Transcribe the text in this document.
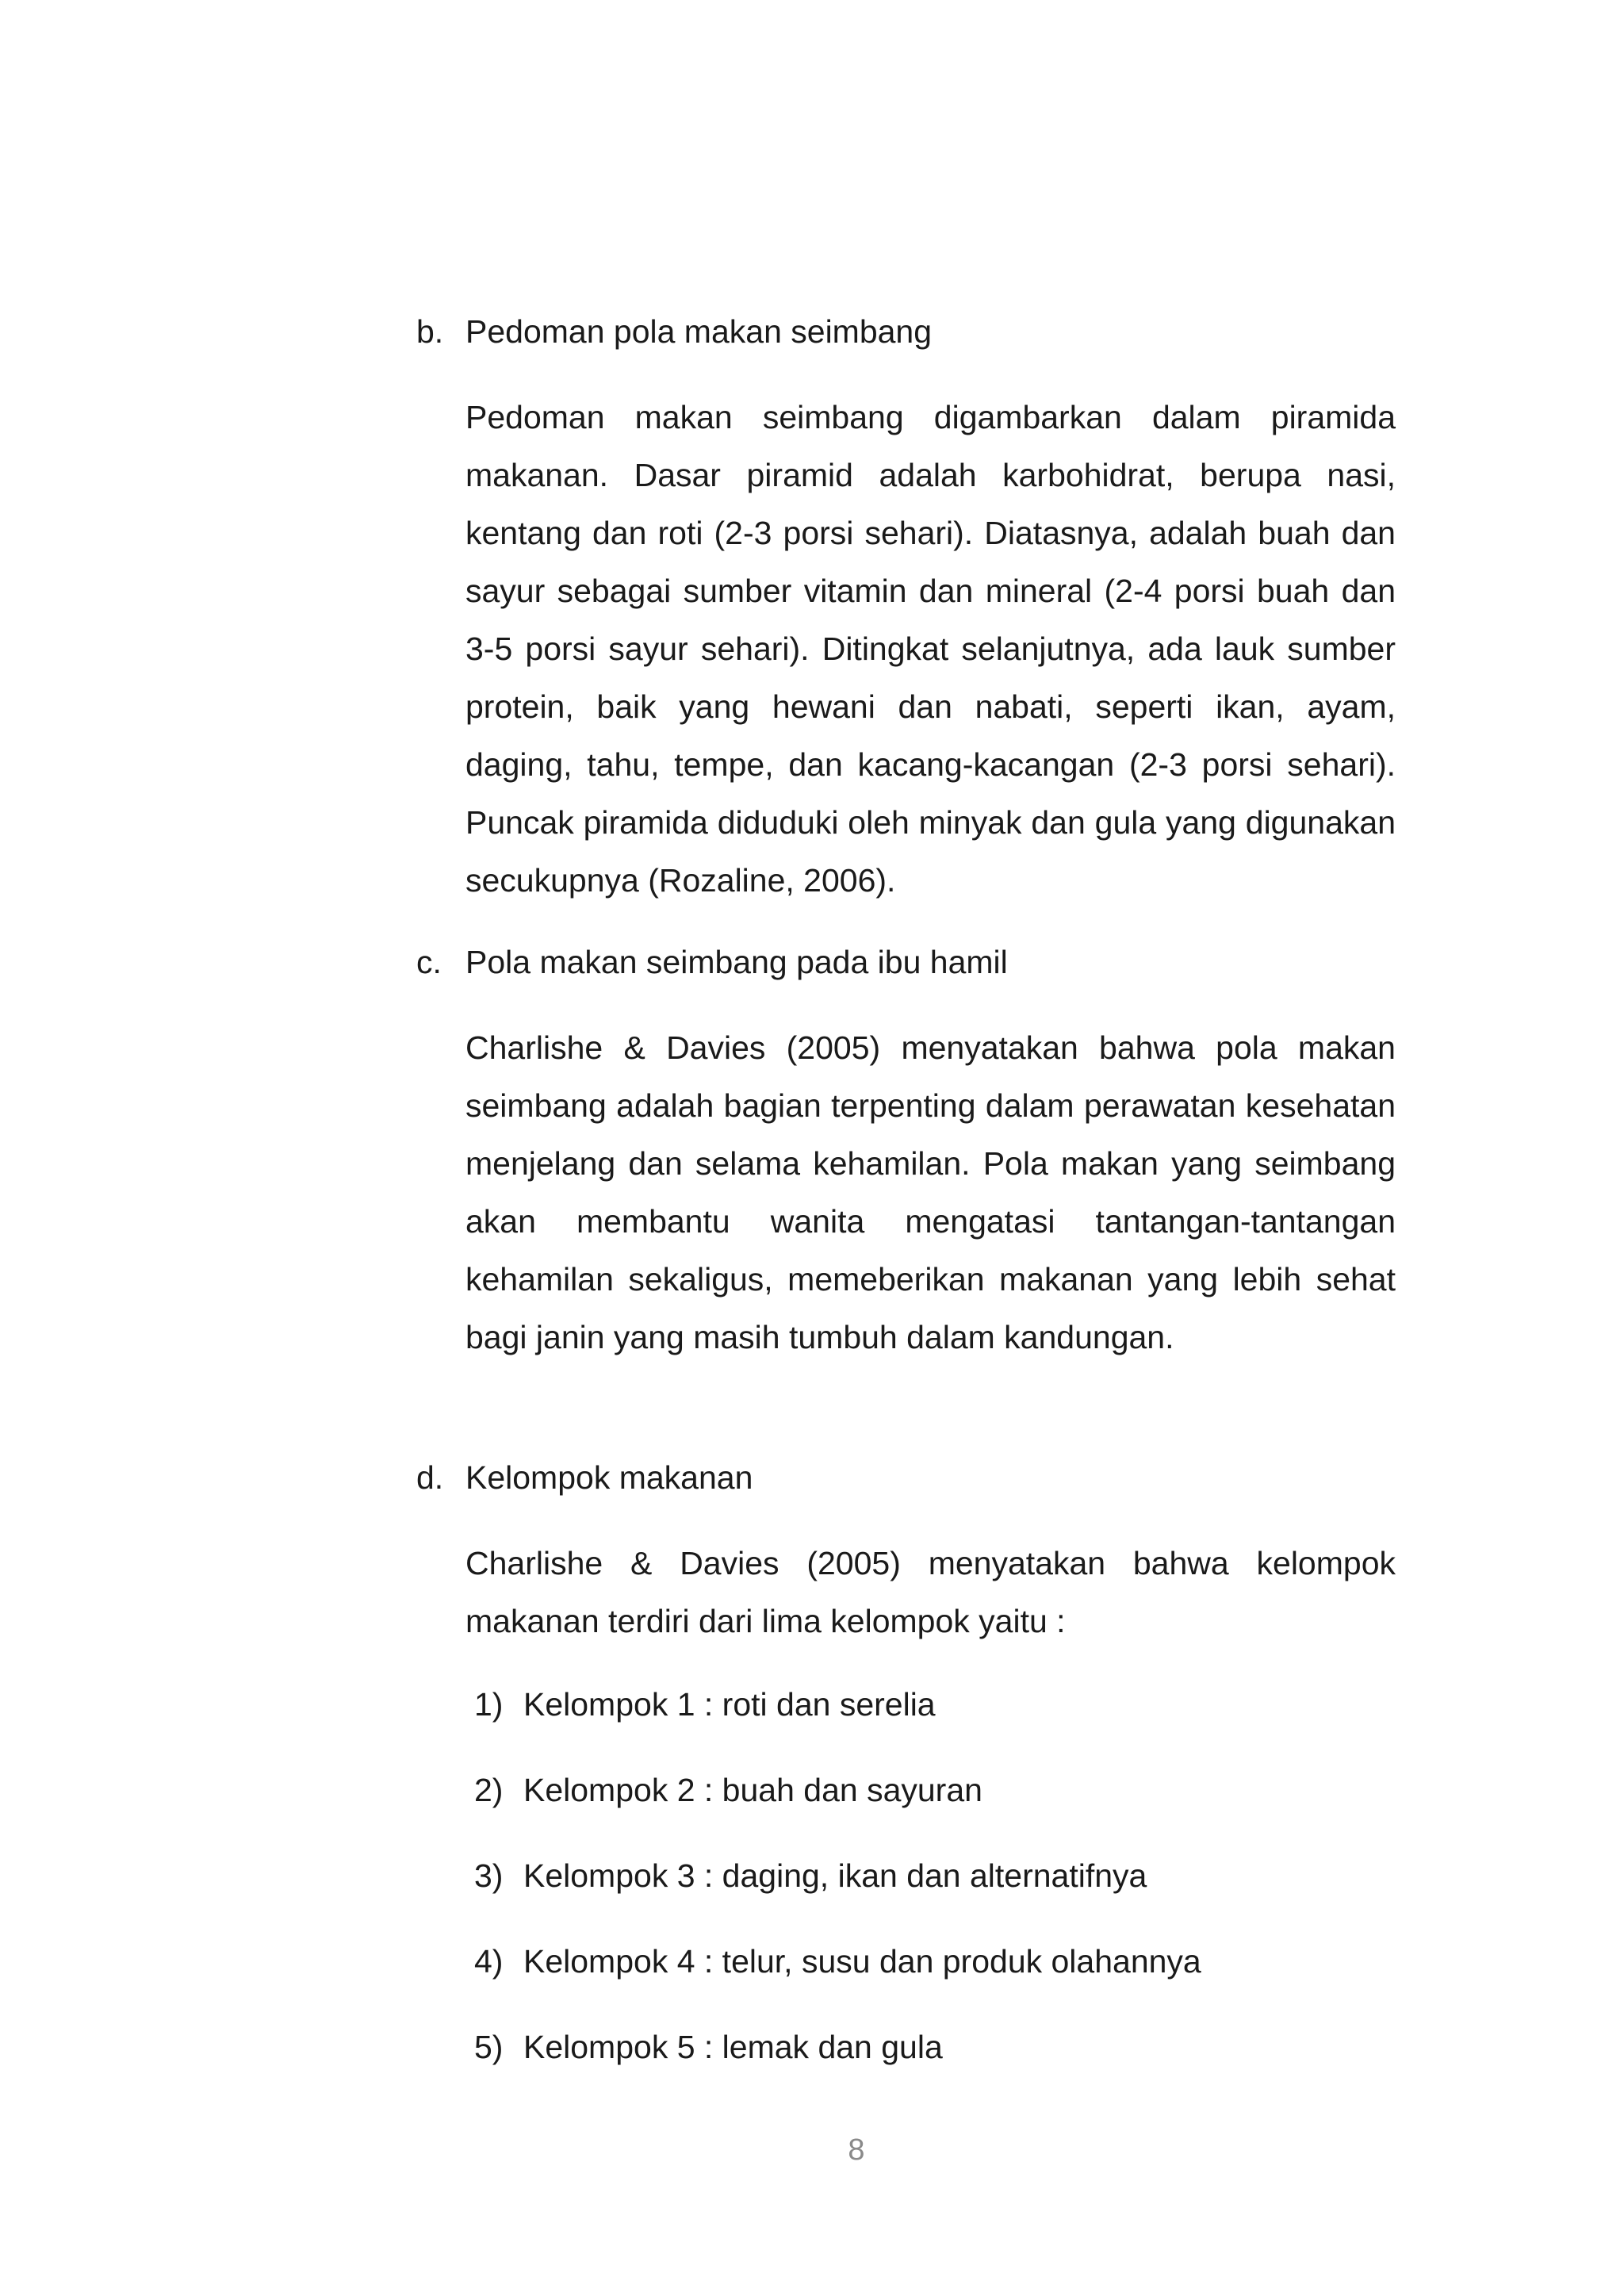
b. Pedoman pola makan seimbang
Pedoman makan seimbang digambarkan dalam piramida makanan. Dasar piramid adalah karbohidrat, berupa nasi, kentang dan roti (2-3 porsi sehari). Diatasnya, adalah buah dan sayur sebagai sumber vitamin dan mineral (2-4 porsi buah dan 3-5 porsi sayur sehari). Ditingkat selanjutnya, ada lauk sumber protein, baik yang hewani dan nabati, seperti ikan, ayam, daging, tahu, tempe, dan kacang-kacangan (2-3 porsi sehari). Puncak piramida diduduki oleh minyak dan gula yang digunakan secukupnya (Rozaline, 2006).
c. Pola makan seimbang pada ibu hamil
Charlishe & Davies (2005) menyatakan bahwa pola makan seimbang adalah bagian terpenting dalam perawatan kesehatan menjelang dan selama kehamilan. Pola makan yang seimbang akan membantu wanita mengatasi tantangan-tantangan kehamilan sekaligus, memeberikan makanan yang lebih sehat bagi janin yang masih tumbuh dalam kandungan.
d. Kelompok makanan
Charlishe & Davies (2005) menyatakan bahwa kelompok makanan terdiri dari lima kelompok yaitu :
1) Kelompok 1 : roti dan serelia
2) Kelompok 2 : buah dan sayuran
3) Kelompok 3 : daging, ikan dan alternatifnya
4) Kelompok 4 : telur, susu dan produk olahannya
5) Kelompok 5 : lemak dan gula
8
